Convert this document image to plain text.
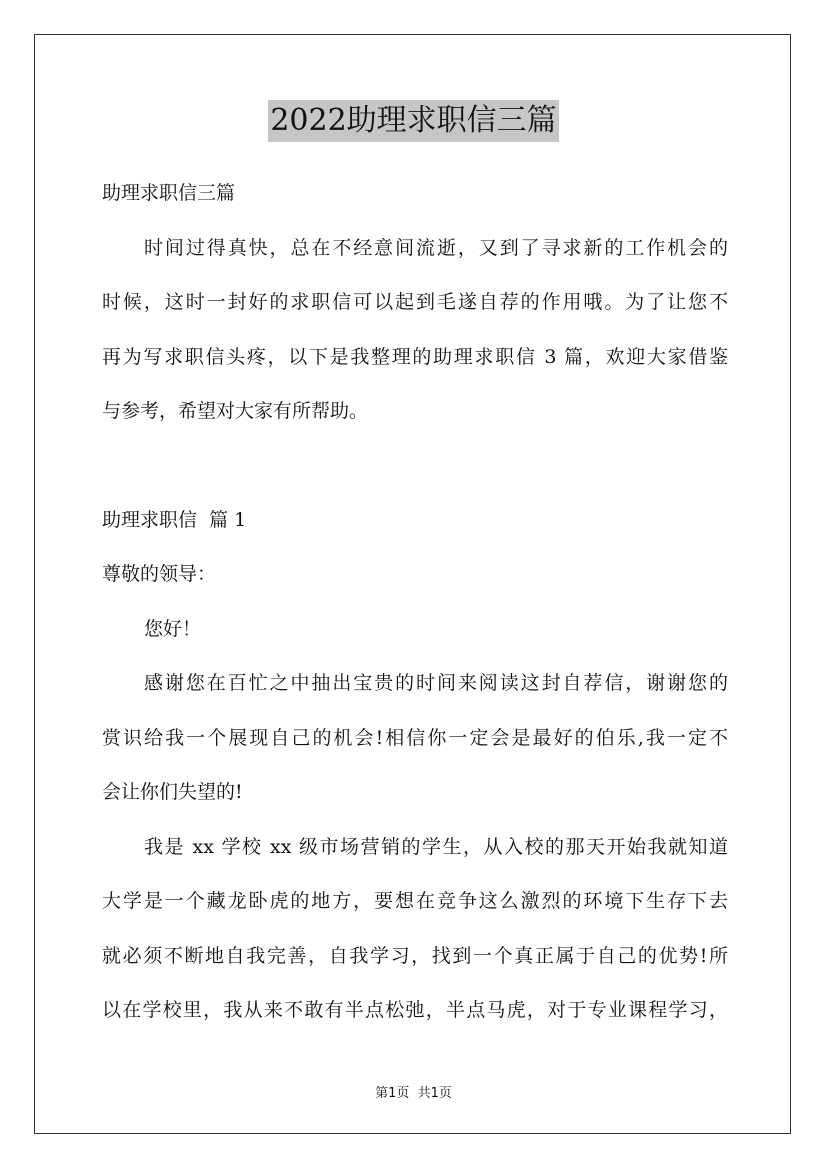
2022助理求职信三篇
助理求职信三篇
时间过得真快，总在不经意间流逝，又到了寻求新的工作机会的
时候，这时一封好的求职信可以起到毛遂自荐的作用哦。为了让您不
再为写求职信头疼，以下是我整理的助理求职信 3 篇，欢迎大家借鉴
与参考，希望对大家有所帮助。
助理求职信  篇 1
尊敬的领导：
您好！
感谢您在百忙之中抽出宝贵的时间来阅读这封自荐信，谢谢您的
赏识给我一个展现自己的机会!相信你一定会是最好的伯乐,我一定不
会让你们失望的!
我是 xx 学校 xx 级市场营销的学生，从入校的那天开始我就知道
大学是一个藏龙卧虎的地方，要想在竞争这么激烈的环境下生存下去
就必须不断地自我完善，自我学习，找到一个真正属于自己的优势!所
以在学校里，我从来不敢有半点松弛，半点马虎，对于专业课程学习，
第1页  共1页
